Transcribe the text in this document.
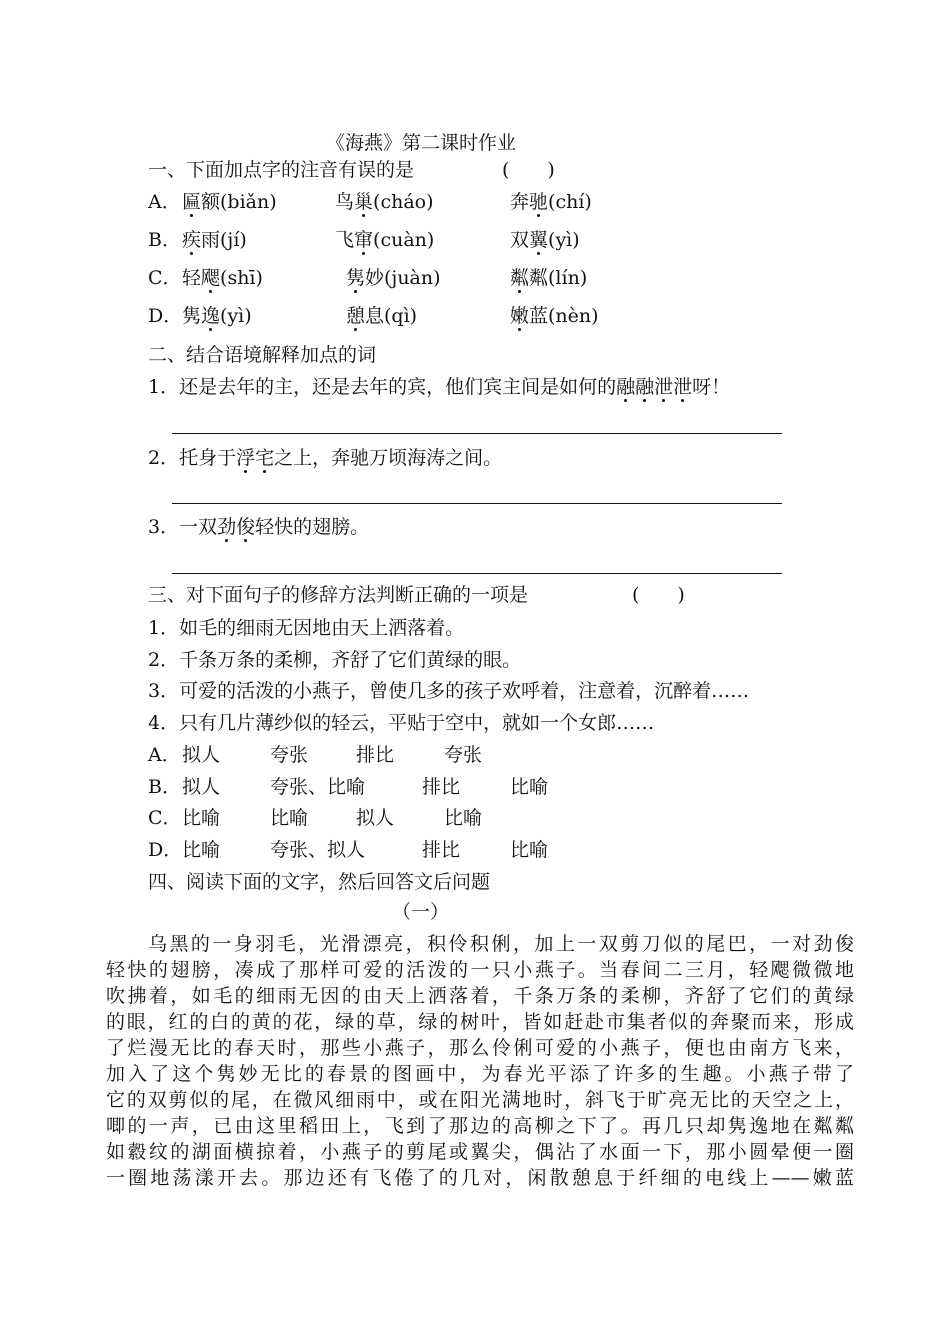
《海燕》第二课时作业
一、下面加点字的注音有误的是	(　　)
A． 匾额(biǎn)	鸟巢(cháo)	奔驰(chí)
B． 疾雨(jí)	飞窜(cuàn)	双翼(yì)
C． 轻飔(shī)	隽妙(juàn)	粼粼(lín)
D． 隽逸(yì)	憩息(qì)	嫩蓝(nèn)
二、结合语境解释加点的词
1．还是去年的主，还是去年的宾，他们宾主间是如何的融融泄泄呀！
2．托身于浮宅之上，奔驰万顷海涛之间。
3．一双劲俊轻快的翅膀。
三、对下面句子的修辞方法判断正确的一项是	(　　)
1．如毛的细雨无因地由天上洒落着。
2．千条万条的柔柳，齐舒了它们黄绿的眼。
3．可爱的活泼的小燕子，曾使几多的孩子欢呼着，注意着，沉醉着……
4．只有几片薄纱似的轻云，平贴于空中，就如一个女郎……
A． 拟人	夸张	排比	夸张
B． 拟人	夸张、比喻	排比	比喻
C． 比喻	比喻	拟人	比喻
D． 比喻	夸张、拟人	排比	比喻
四、阅读下面的文字，然后回答文后问题
（一）
乌黑的一身羽毛，光滑漂亮，积伶积俐，加上一双剪刀似的尾巴，一对劲俊
轻快的翅膀，凑成了那样可爱的活泼的一只小燕子。当春间二三月，轻飔微微地
吹拂着，如毛的细雨无因的由天上洒落着，千条万条的柔柳，齐舒了它们的黄绿
的眼，红的白的黄的花，绿的草，绿的树叶，皆如赶赴市集者似的奔聚而来，形成
了烂漫无比的春天时，那些小燕子，那么伶俐可爱的小燕子，便也由南方飞来，
加入了这个隽妙无比的春景的图画中，为春光平添了许多的生趣。小燕子带了
它的双剪似的尾，在微风细雨中，或在阳光满地时，斜飞于旷亮无比的天空之上，
唧的一声，已由这里稻田上，飞到了那边的高柳之下了。再几只却隽逸地在粼粼
如縠纹的湖面横掠着，小燕子的剪尾或翼尖，偶沾了水面一下，那小圆晕便一圈
一圈地荡漾开去。那边还有飞倦了的几对，闲散憩息于纤细的电线上——嫩蓝
